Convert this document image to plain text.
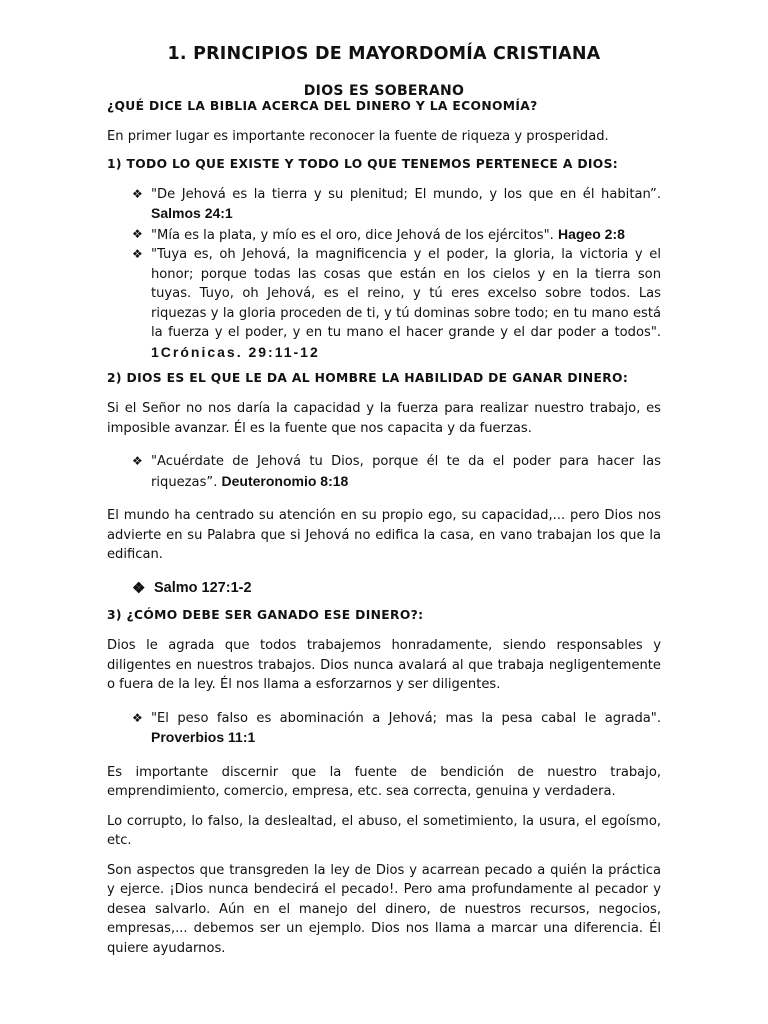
1. PRINCIPIOS DE MAYORDOMÍA CRISTIANA
DIOS ES SOBERANO
¿QUÉ DICE LA BIBLIA ACERCA DEL DINERO Y LA ECONOMÍA?

En primer lugar es importante reconocer la fuente de riqueza y prosperidad.

1) TODO LO QUE EXISTE Y TODO LO QUE TENEMOS PERTENECE A DIOS:
❖ "De Jehová es la tierra y su plenitud; El mundo, y los que en él habitan”. Salmos 24:1
❖ "Mía es la plata, y mío es el oro, dice Jehová de los ejércitos". Hageo 2:8
❖ "Tuya es, oh Jehová, la magnificencia y el poder, la gloria, la victoria y el honor; porque todas las cosas que están en los cielos y en la tierra son tuyas. Tuyo, oh Jehová, es el reino, y tú eres excelso sobre todos. Las riquezas y la gloria proceden de ti, y tú dominas sobre todo; en tu mano está la fuerza y el poder, y en tu mano el hacer grande y el dar poder a todos". 1Crónicas. 29:11-12
2) DIOS ES EL QUE LE DA AL HOMBRE LA HABILIDAD DE GANAR DINERO:

Si el Señor no nos daría la capacidad y la fuerza para realizar nuestro trabajo, es imposible avanzar. Él es la fuente que nos capacita y da fuerzas.

❖ "Acuérdate de Jehová tu Dios, porque él te da el poder para hacer las riquezas”. Deuteronomio 8:18

El mundo ha centrado su atención en su propio ego, su capacidad,... pero Dios nos advierte en su Palabra que si Jehová no edifica la casa, en vano trabajan los que la edifican.

❖ Salmo 127:1-2
3) ¿CÓMO DEBE SER GANADO ESE DINERO?:

Dios le agrada que todos trabajemos honradamente, siendo responsables y diligentes en nuestros trabajos. Dios nunca avalará al que trabaja negligentemente o fuera de la ley. Él nos llama a esforzarnos y ser diligentes.

❖ "El peso falso es abominación a Jehová; mas la pesa cabal le agrada". Proverbios 11:1

Es importante discernir que la fuente de bendición de nuestro trabajo, emprendimiento, comercio, empresa, etc. sea correcta, genuina y verdadera.

Lo corrupto, lo falso, la deslealtad, el abuso, el sometimiento, la usura, el egoísmo, etc.

Son aspectos que transgreden la ley de Dios y acarrean pecado a quién la práctica y ejerce. ¡Dios nunca bendecirá el pecado!. Pero ama profundamente al pecador y desea salvarlo. Aún en el manejo del dinero, de nuestros recursos, negocios, empresas,... debemos ser un ejemplo. Dios nos llama a marcar una diferencia. Él quiere ayudarnos.
